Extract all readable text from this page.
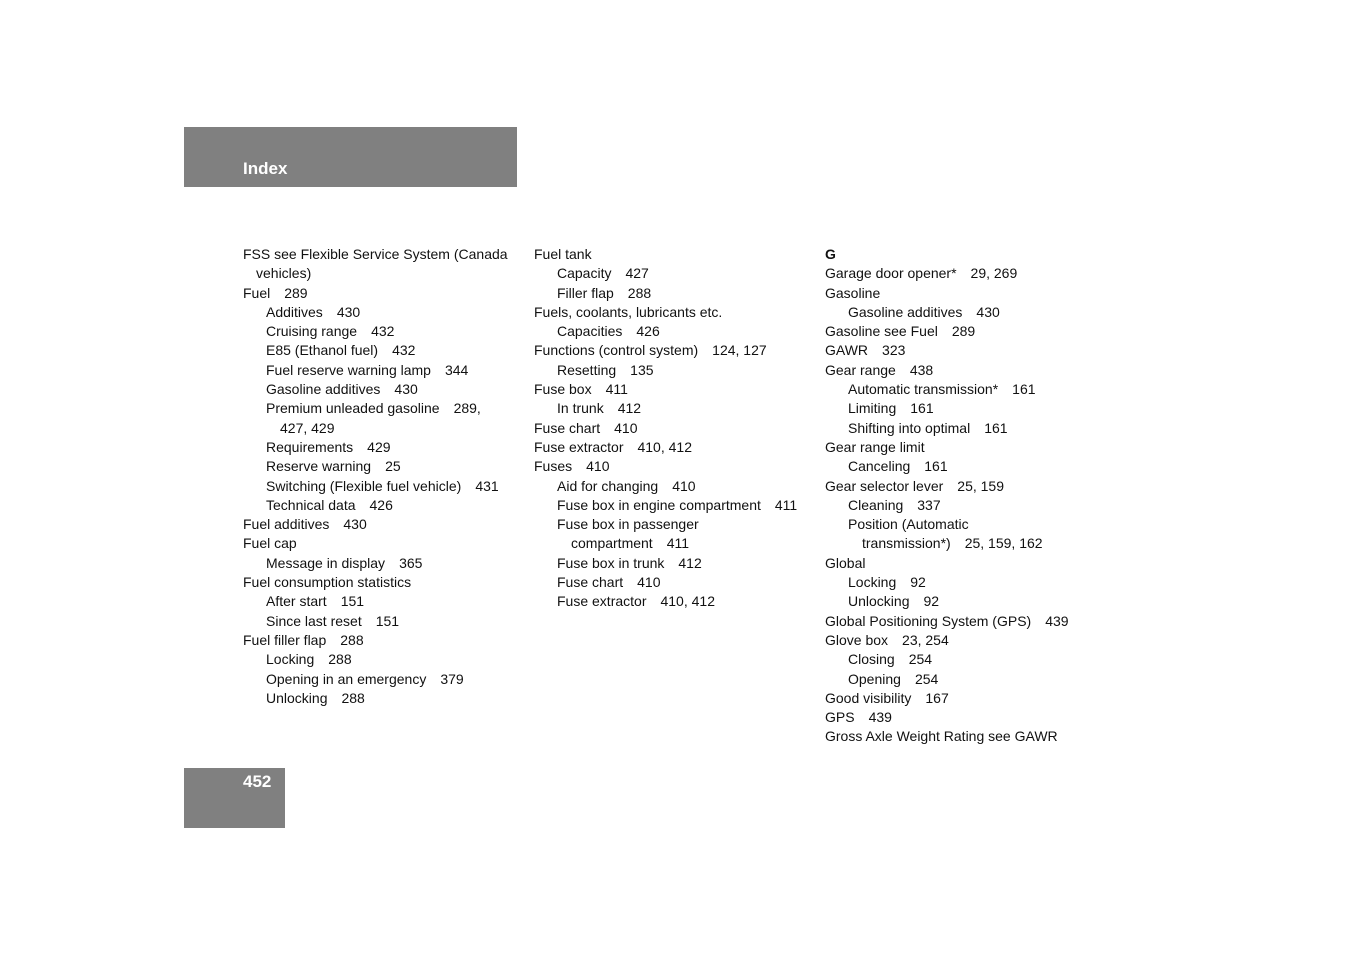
Index
FSS see Flexible Service System (Canada
vehicles)
Fuel 289
Additives 430
Cruising range 432
E85 (Ethanol fuel) 432
Fuel reserve warning lamp 344
Gasoline additives 430
Premium unleaded gasoline 289,
427, 429
Requirements 429
Reserve warning 25
Switching (Flexible fuel vehicle) 431
Technical data 426
Fuel additives 430
Fuel cap
Message in display 365
Fuel consumption statistics
After start 151
Since last reset 151
Fuel filler flap 288
Locking 288
Opening in an emergency 379
Unlocking 288
Fuel tank
Capacity 427
Filler flap 288
Fuels, coolants, lubricants etc.
Capacities 426
Functions (control system) 124, 127
Resetting 135
Fuse box 411
In trunk 412
Fuse chart 410
Fuse extractor 410, 412
Fuses 410
Aid for changing 410
Fuse box in engine compartment 411
Fuse box in passenger
compartment 411
Fuse box in trunk 412
Fuse chart 410
Fuse extractor 410, 412
G
Garage door opener* 29, 269
Gasoline
Gasoline additives 430
Gasoline see Fuel 289
GAWR 323
Gear range 438
Automatic transmission* 161
Limiting 161
Shifting into optimal 161
Gear range limit
Canceling 161
Gear selector lever 25, 159
Cleaning 337
Position (Automatic
transmission*) 25, 159, 162
Global
Locking 92
Unlocking 92
Global Positioning System (GPS) 439
Glove box 23, 254
Closing 254
Opening 254
Good visibility 167
GPS 439
Gross Axle Weight Rating see GAWR
452
